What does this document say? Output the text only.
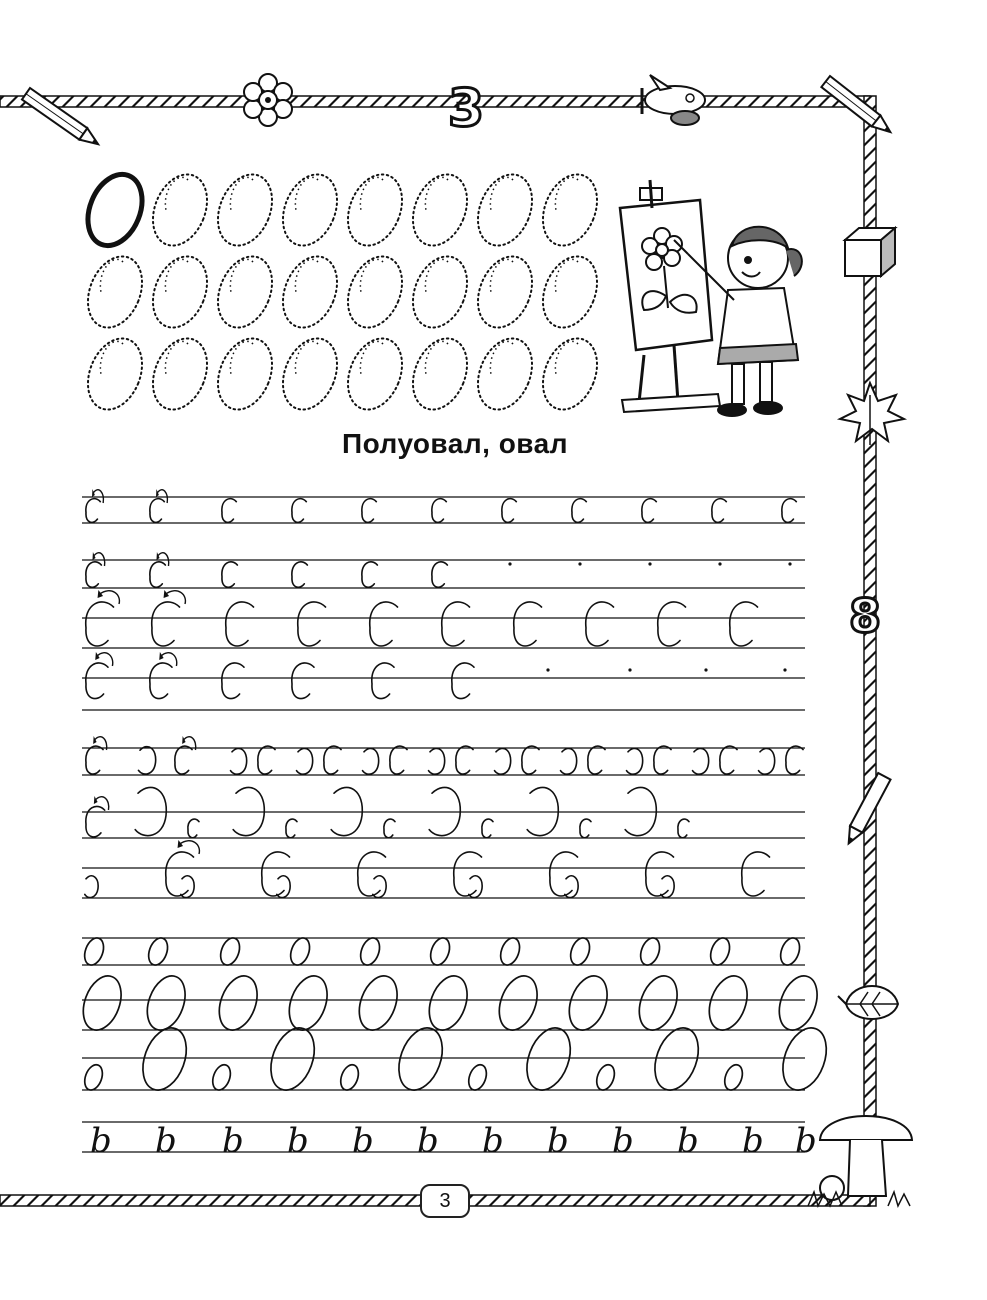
3
8
b b b b b b b b b b b b
Полуовал, овал
3
